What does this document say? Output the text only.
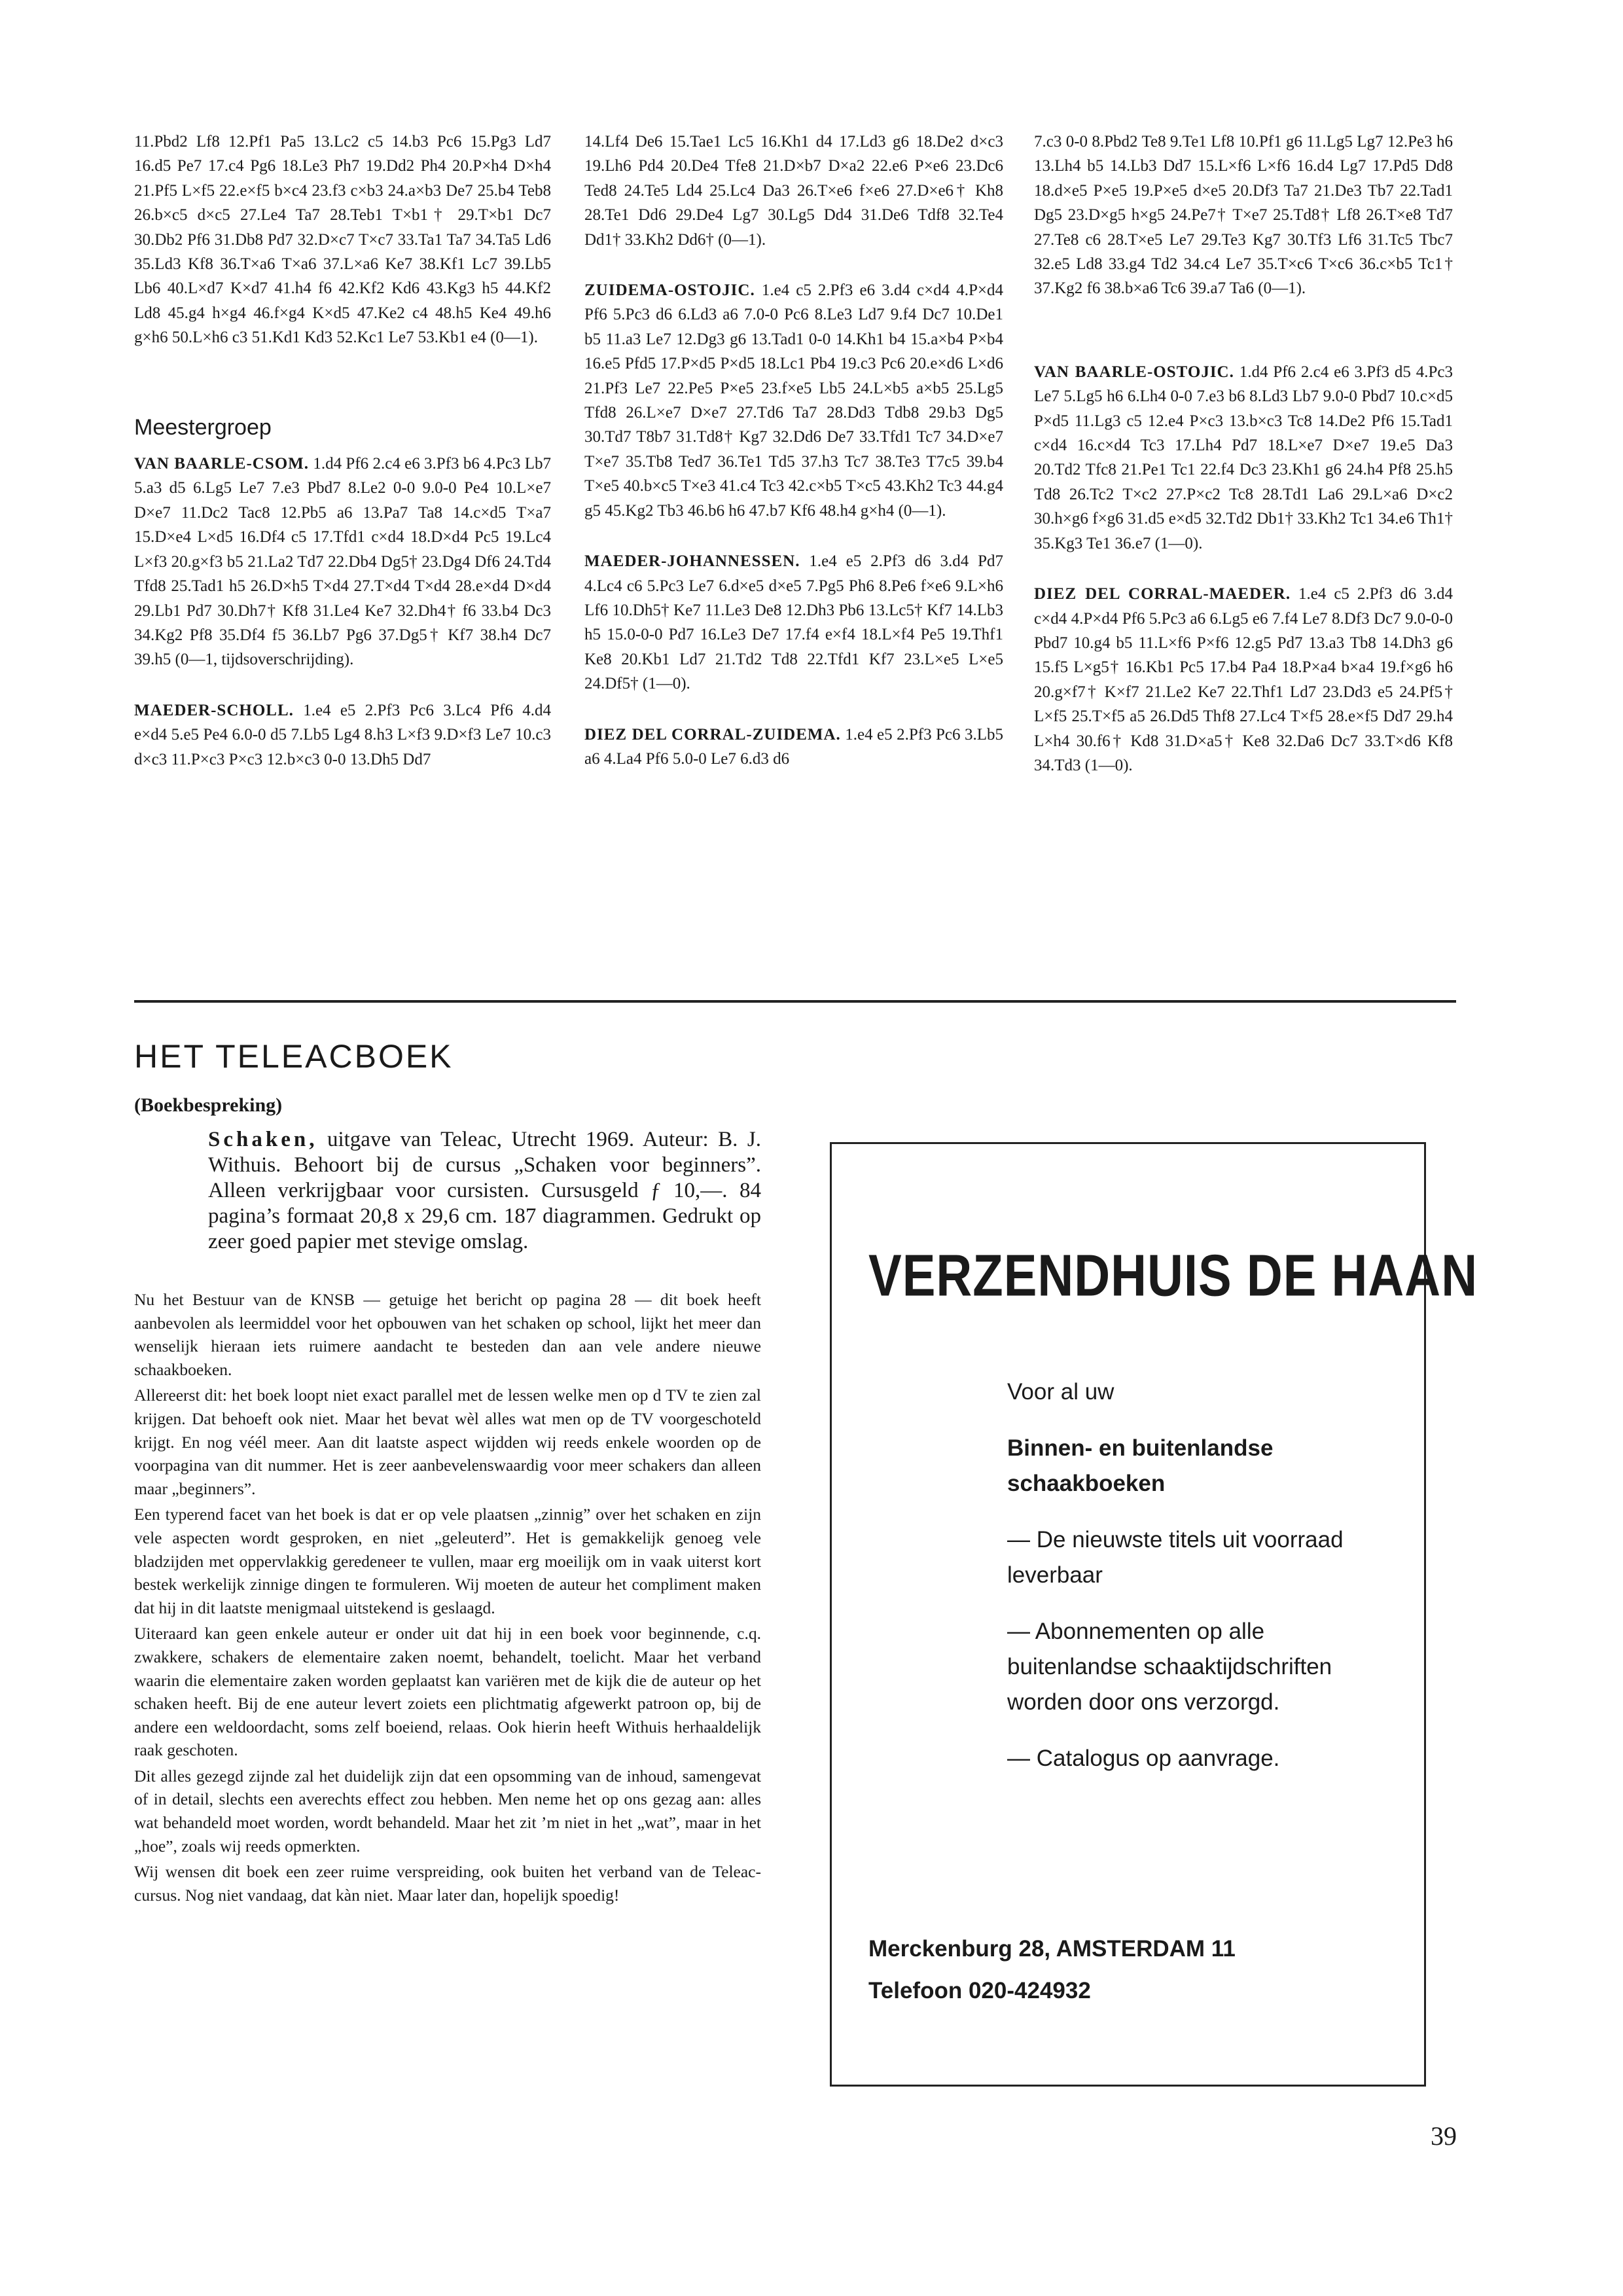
11.Pbd2 Lf8 12.Pf1 Pa5 13.Lc2 c5 14.b3 Pc6 15.Pg3 Ld7 16.d5 Pe7 17.c4 Pg6 18.Le3 Ph7 19.Dd2 Ph4 20.P×h4 D×h4 21.Pf5 L×f5 22.e×f5 b×c4 23.f3 c×b3 24.a×b3 De7 25.b4 Teb8 26.b×c5 d×c5 27.Le4 Ta7 28.Teb1 T×b1† 29.T×b1 Dc7 30.Db2 Pf6 31.Db8 Pd7 32.D×c7 T×c7 33.Ta1 Ta7 34.Ta5 Ld6 35.Ld3 Kf8 36.T×a6 T×a6 37.L×a6 Ke7 38.Kf1 Lc7 39.Lb5 Lb6 40.L×d7 K×d7 41.h4 f6 42.Kf2 Kd6 43.Kg3 h5 44.Kf2 Ld8 45.g4 h×g4 46.f×g4 K×d5 47.Ke2 c4 48.h5 Ke4 49.h6 g×h6 50.L×h6 c3 51.Kd1 Kd3 52.Kc1 Le7 53.Kb1 e4 (0—1).

Meestergroep

VAN BAARLE-CSOM. 1.d4 Pf6 2.c4 e6 3.Pf3 b6 4.Pc3 Lb7 5.a3 d5 6.Lg5 Le7 7.e3 Pbd7 8.Le2 0-0 9.0-0 Pe4 10.L×e7 D×e7 11.Dc2 Tac8 12.Pb5 a6 13.Pa7 Ta8 14.c×d5 T×a7 15.D×e4 L×d5 16.Df4 c5 17.Tfd1 c×d4 18.D×d4 Pc5 19.Lc4 L×f3 20.g×f3 b5 21.La2 Td7 22.Db4 Dg5† 23.Dg4 Df6 24.Td4 Tfd8 25.Tad1 h5 26.D×h5 T×d4 27.T×d4 T×d4 28.e×d4 D×d4 29.Lb1 Pd7 30.Dh7† Kf8 31.Le4 Ke7 32.Dh4† f6 33.b4 Dc3 34.Kg2 Pf8 35.Df4 f5 36.Lb7 Pg6 37.Dg5† Kf7 38.h4 Dc7 39.h5 (0—1, tijdsoverschrijding).

MAEDER-SCHOLL. 1.e4 e5 2.Pf3 Pc6 3.Lc4 Pf6 4.d4 e×d4 5.e5 Pe4 6.0-0 d5 7.Lb5 Lg4 8.h3 L×f3 9.D×f3 Le7 10.c3 d×c3 11.P×c3 P×c3 12.b×c3 0-0 13.Dh5 Dd7

14.Lf4 De6 15.Tae1 Lc5 16.Kh1 d4 17.Ld3 g6 18.De2 d×c3 19.Lh6 Pd4 20.De4 Tfe8 21.D×b7 D×a2 22.e6 P×e6 23.Dc6 Ted8 24.Te5 Ld4 25.Lc4 Da3 26.T×e6 f×e6 27.D×e6† Kh8 28.Te1 Dd6 29.De4 Lg7 30.Lg5 Dd4 31.De6 Tdf8 32.Te4 Dd1† 33.Kh2 Dd6† (0—1).

ZUIDEMA-OSTOJIC. 1.e4 c5 2.Pf3 e6 3.d4 c×d4 4.P×d4 Pf6 5.Pc3 d6 6.Ld3 a6 7.0-0 Pc6 8.Le3 Ld7 9.f4 Dc7 10.De1 b5 11.a3 Le7 12.Dg3 g6 13.Tad1 0-0 14.Kh1 b4 15.a×b4 P×b4 16.e5 Pfd5 17.P×d5 P×d5 18.Lc1 Pb4 19.c3 Pc6 20.e×d6 L×d6 21.Pf3 Le7 22.Pe5 P×e5 23.f×e5 Lb5 24.L×b5 a×b5 25.Lg5 Tfd8 26.L×e7 D×e7 27.Td6 Ta7 28.Dd3 Tdb8 29.b3 Dg5 30.Td7 T8b7 31.Td8† Kg7 32.Dd6 De7 33.Tfd1 Tc7 34.D×e7 T×e7 35.Tb8 Ted7 36.Te1 Td5 37.h3 Tc7 38.Te3 T7c5 39.b4 T×e5 40.b×c5 T×e3 41.c4 Tc3 42.c×b5 T×c5 43.Kh2 Tc3 44.g4 g5 45.Kg2 Tb3 46.b6 h6 47.b7 Kf6 48.h4 g×h4 (0—1).

MAEDER-JOHANNESSEN. 1.e4 e5 2.Pf3 d6 3.d4 Pd7 4.Lc4 c6 5.Pc3 Le7 6.d×e5 d×e5 7.Pg5 Ph6 8.Pe6 f×e6 9.L×h6 Lf6 10.Dh5† Ke7 11.Le3 De8 12.Dh3 Pb6 13.Lc5† Kf7 14.Lb3 h5 15.0-0-0 Pd7 16.Le3 De7 17.f4 e×f4 18.L×f4 Pe5 19.Thf1 Ke8 20.Kb1 Ld7 21.Td2 Td8 22.Tfd1 Kf7 23.L×e5 L×e5 24.Df5† (1—0).

DIEZ DEL CORRAL-ZUIDEMA. 1.e4 e5 2.Pf3 Pc6 3.Lb5 a6 4.La4 Pf6 5.0-0 Le7 6.d3 d6

7.c3 0-0 8.Pbd2 Te8 9.Te1 Lf8 10.Pf1 g6 11.Lg5 Lg7 12.Pe3 h6 13.Lh4 b5 14.Lb3 Dd7 15.L×f6 L×f6 16.d4 Lg7 17.Pd5 Dd8 18.d×e5 P×e5 19.P×e5 d×e5 20.Df3 Ta7 21.De3 Tb7 22.Tad1 Dg5 23.D×g5 h×g5 24.Pe7† T×e7 25.Td8† Lf8 26.T×e8 Td7 27.Te8 c6 28.T×e5 Le7 29.Te3 Kg7 30.Tf3 Lf6 31.Tc5 Tbc7 32.e5 Ld8 33.g4 Td2 34.c4 Le7 35.T×c6 T×c6 36.c×b5 Tc1† 37.Kg2 f6 38.b×a6 Tc6 39.a7 Ta6 (0—1).

VAN BAARLE-OSTOJIC. 1.d4 Pf6 2.c4 e6 3.Pf3 d5 4.Pc3 Le7 5.Lg5 h6 6.Lh4 0-0 7.e3 b6 8.Ld3 Lb7 9.0-0 Pbd7 10.c×d5 P×d5 11.Lg3 c5 12.e4 P×c3 13.b×c3 Tc8 14.De2 Pf6 15.Tad1 c×d4 16.c×d4 Tc3 17.Lh4 Pd7 18.L×e7 D×e7 19.e5 Da3 20.Td2 Tfc8 21.Pe1 Tc1 22.f4 Dc3 23.Kh1 g6 24.h4 Pf8 25.h5 Td8 26.Tc2 T×c2 27.P×c2 Tc8 28.Td1 La6 29.L×a6 D×c2 30.h×g6 f×g6 31.d5 e×d5 32.Td2 Db1† 33.Kh2 Tc1 34.e6 Th1† 35.Kg3 Te1 36.e7 (1—0).

DIEZ DEL CORRAL-MAEDER. 1.e4 c5 2.Pf3 d6 3.d4 c×d4 4.P×d4 Pf6 5.Pc3 a6 6.Lg5 e6 7.f4 Le7 8.Df3 Dc7 9.0-0-0 Pbd7 10.g4 b5 11.L×f6 P×f6 12.g5 Pd7 13.a3 Tb8 14.Dh3 g6 15.f5 L×g5† 16.Kb1 Pc5 17.b4 Pa4 18.P×a4 b×a4 19.f×g6 h6 20.g×f7† K×f7 21.Le2 Ke7 22.Thf1 Ld7 23.Dd3 e5 24.Pf5† L×f5 25.T×f5 a5 26.Dd5 Thf8 27.Lc4 T×f5 28.e×f5 Dd7 29.h4 L×h4 30.f6† Kd8 31.D×a5† Ke8 32.Da6 Dc7 33.T×d6 Kf8 34.Td3 (1—0).

HET TELEACBOEK

(Boekbespreking)

Schaken, uitgave van Teleac, Utrecht 1969. Auteur: B. J. Withuis. Behoort bij de cursus „Schaken voor beginners”. Alleen verkrijgbaar voor cursisten. Cursusgeld ƒ 10,—. 84 pagina’s formaat 20,8 x 29,6 cm. 187 diagrammen. Gedrukt op zeer goed papier met stevige omslag.

Nu het Bestuur van de KNSB — getuige het bericht op pagina 28 — dit boek heeft aanbevolen als leermiddel voor het opbouwen van het schaken op school, lijkt het meer dan wenselijk hieraan iets ruimere aandacht te besteden dan aan vele andere nieuwe schaakboeken.

Allereerst dit: het boek loopt niet exact parallel met de lessen welke men op d TV te zien zal krijgen. Dat behoeft ook niet. Maar het bevat wèl alles wat men op de TV voorgeschoteld krijgt. En nog véél meer. Aan dit laatste aspect wijdden wij reeds enkele woorden op de voorpagina van dit nummer. Het is zeer aanbevelenswaardig voor meer schakers dan alleen maar „beginners”.

Een typerend facet van het boek is dat er op vele plaatsen „zinnig” over het schaken en zijn vele aspecten wordt gesproken, en niet „geleuterd”. Het is gemakkelijk genoeg vele bladzijden met oppervlakkig geredeneer te vullen, maar erg moeilijk om in vaak uiterst kort bestek werkelijk zinnige dingen te formuleren. Wij moeten de auteur het compliment maken dat hij in dit laatste menigmaal uitstekend is geslaagd.

Uiteraard kan geen enkele auteur er onder uit dat hij in een boek voor beginnende, c.q. zwakkere, schakers de elementaire zaken noemt, behandelt, toelicht. Maar het verband waarin die elementaire zaken worden geplaatst kan variëren met de kijk die de auteur op het schaken heeft. Bij de ene auteur levert zoiets een plichtmatig afgewerkt patroon op, bij de andere een weldoordacht, soms zelf boeiend, relaas. Ook hierin heeft Withuis herhaaldelijk raak geschoten.

Dit alles gezegd zijnde zal het duidelijk zijn dat een opsomming van de inhoud, samengevat of in detail, slechts een averechts effect zou hebben. Men neme het op ons gezag aan: alles wat behandeld moet worden, wordt behandeld. Maar het zit ’m niet in het „wat”, maar in het „hoe”, zoals wij reeds opmerkten.

Wij wensen dit boek een zeer ruime verspreiding, ook buiten het verband van de Teleac-cursus. Nog niet vandaag, dat kàn niet. Maar later dan, hopelijk spoedig!

VERZENDHUIS DE HAAN

Voor al uw

Binnen- en buitenlandse schaakboeken

— De nieuwste titels uit voorraad leverbaar

— Abonnementen op alle buitenlandse schaaktijdschriften worden door ons verzorgd.

— Catalogus op aanvrage.

Merckenburg 28, AMSTERDAM 11
Telefoon 020-424932
39
